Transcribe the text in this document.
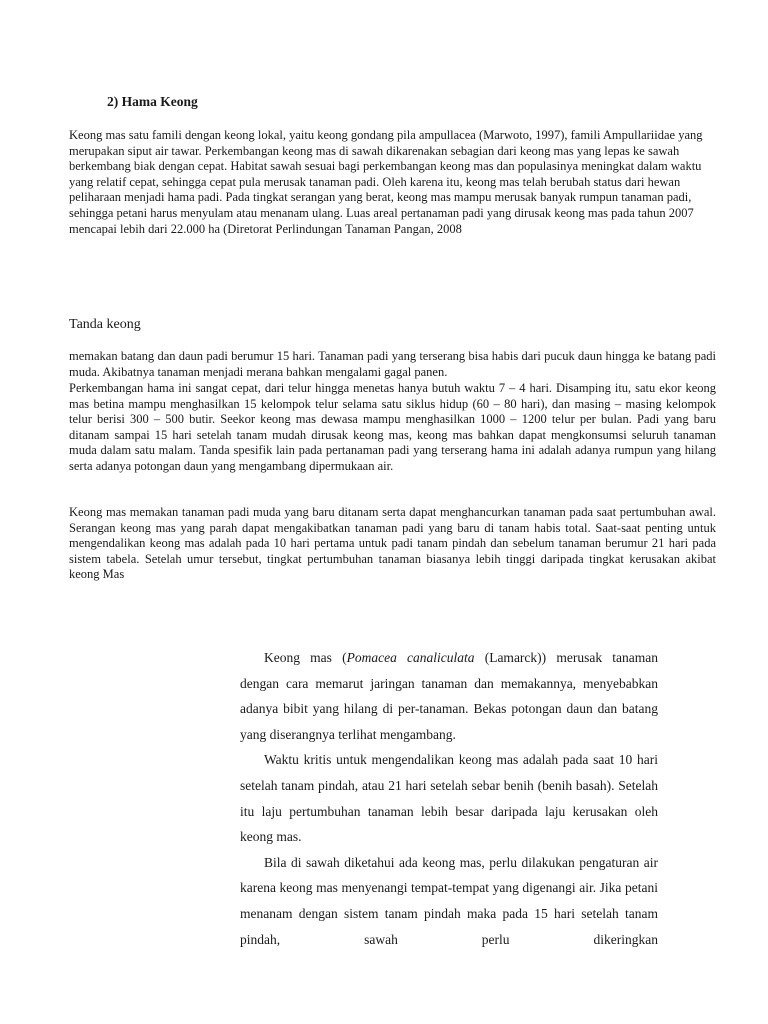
2) Hama Keong

Keong mas satu famili dengan keong lokal, yaitu keong gondang pila ampullacea (Marwoto, 1997), famili Ampullariidae yang merupakan siput air tawar. Perkembangan keong mas di sawah dikarenakan sebagian dari keong mas yang lepas ke sawah berkembang biak dengan cepat. Habitat sawah sesuai bagi perkembangan keong mas dan populasinya meningkat dalam waktu yang relatif cepat, sehingga cepat pula merusak tanaman padi. Oleh karena itu, keong mas telah berubah status dari hewan peliharaan menjadi hama padi. Pada tingkat serangan yang berat, keong mas mampu merusak banyak rumpun tanaman padi, sehingga petani harus menyulam atau menanam ulang. Luas areal pertanaman padi yang dirusak keong mas pada tahun 2007 mencapai lebih dari 22.000 ha (Diretorat Perlindungan Tanaman Pangan, 2008

Tanda keong

memakan batang dan daun padi berumur 15 hari. Tanaman padi yang terserang bisa habis dari pucuk daun hingga ke batang padi muda. Akibatnya tanaman menjadi merana bahkan mengalami gagal panen.

Perkembangan hama ini sangat cepat, dari telur hingga menetas hanya butuh waktu 7 – 4 hari. Disamping itu, satu ekor keong mas betina mampu menghasilkan 15 kelompok telur selama satu siklus hidup (60 – 80 hari), dan masing – masing kelompok telur berisi 300 – 500 butir. Seekor keong mas dewasa mampu menghasilkan 1000 – 1200 telur per bulan. Padi yang baru ditanam sampai 15 hari setelah tanam mudah dirusak keong mas, keong mas bahkan dapat mengkonsumsi seluruh tanaman muda dalam satu malam. Tanda spesifik lain pada pertanaman padi yang terserang hama ini adalah adanya rumpun yang hilang serta adanya potongan daun yang mengambang dipermukaan air.

Keong mas memakan tanaman padi muda yang baru ditanam serta dapat menghancurkan tanaman pada saat pertumbuhan awal. Serangan keong mas yang parah dapat mengakibatkan tanaman padi yang baru di tanam habis total. Saat-saat penting untuk mengendalikan keong mas adalah pada 10 hari pertama untuk padi tanam pindah dan sebelum tanaman berumur 21 hari pada sistem tabela. Setelah umur tersebut, tingkat pertumbuhan tanaman biasanya lebih tinggi daripada tingkat kerusakan akibat keong Mas

Keong mas (Pomacea canaliculata (Lamarck)) merusak tanaman dengan cara memarut jaringan tanaman dan memakannya, menyebabkan adanya bibit yang hilang di per-tanaman. Bekas potongan daun dan batang yang diserangnya terlihat mengambang.

Waktu kritis untuk mengendalikan keong mas adalah pada saat 10 hari setelah tanam pindah, atau 21 hari setelah sebar benih (benih basah). Setelah itu laju pertumbuhan tanaman lebih besar daripada laju kerusakan oleh keong mas.

Bila di sawah diketahui ada keong mas, perlu dilakukan pengaturan air karena keong mas menyenangi tempat-tempat yang digenangi air. Jika petani menanam dengan sistem tanam pindah maka pada 15 hari setelah tanam pindah, sawah perlu dikeringkan
